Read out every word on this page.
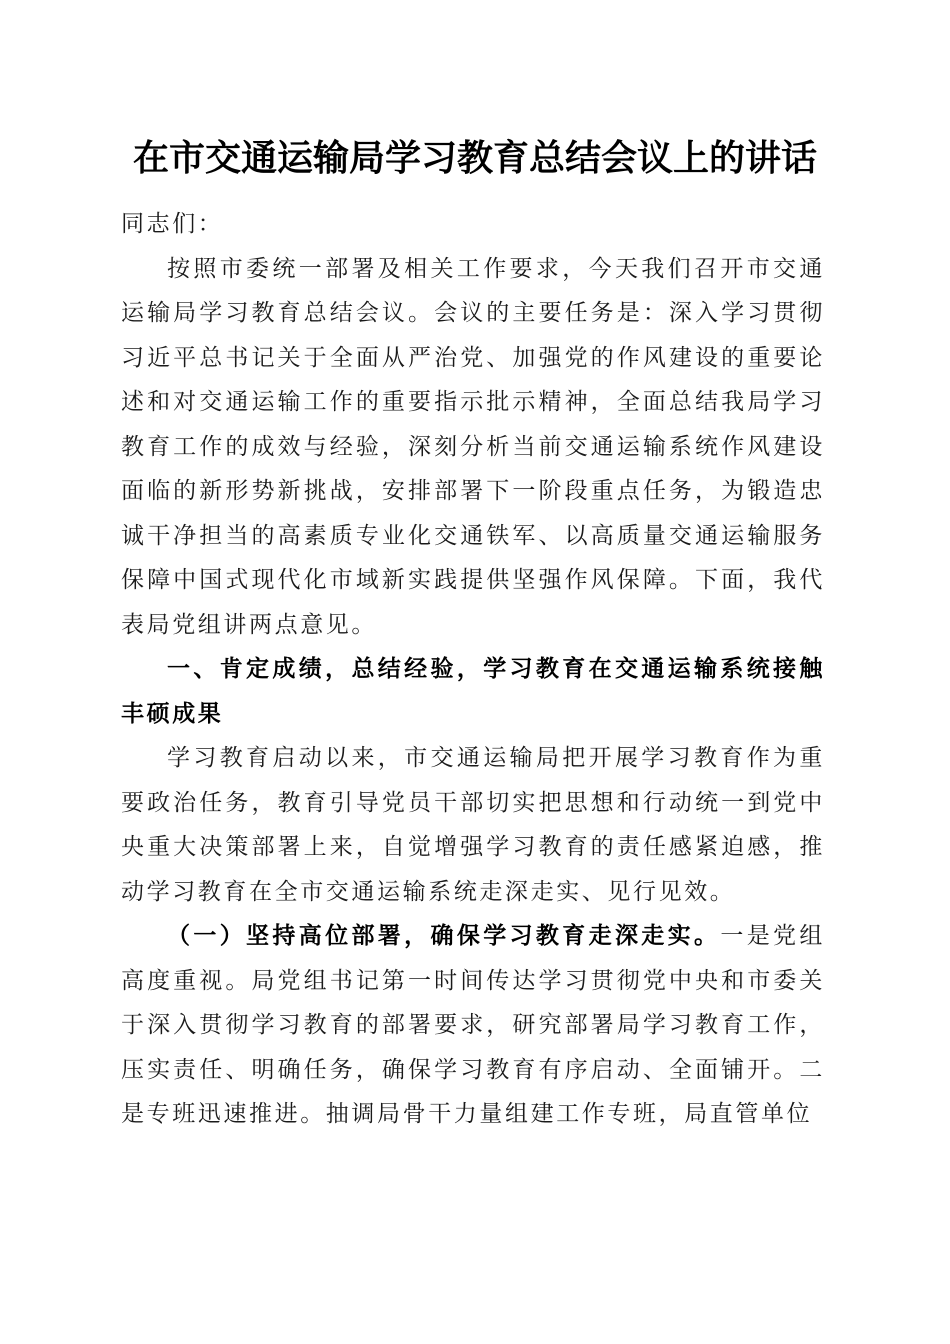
在市交通运输局学习教育总结会议上的讲话

同志们：

按照市委统一部署及相关工作要求，今天我们召开市交通运输局学习教育总结会议。会议的主要任务是：深入学习贯彻习近平总书记关于全面从严治党、加强党的作风建设的重要论述和对交通运输工作的重要指示批示精神，全面总结我局学习教育工作的成效与经验，深刻分析当前交通运输系统作风建设面临的新形势新挑战，安排部署下一阶段重点任务，为锻造忠诚干净担当的高素质专业化交通铁军、以高质量交通运输服务保障中国式现代化市域新实践提供坚强作风保障。下面，我代表局党组讲两点意见。

一、肯定成绩，总结经验，学习教育在交通运输系统接触丰硕成果

学习教育启动以来，市交通运输局把开展学习教育作为重要政治任务，教育引导党员干部切实把思想和行动统一到党中央重大决策部署上来，自觉增强学习教育的责任感紧迫感，推动学习教育在全市交通运输系统走深走实、见行见效。

（一）坚持高位部署，确保学习教育走深走实。一是党组高度重视。局党组书记第一时间传达学习贯彻党中央和市委关于深入贯彻学习教育的部署要求，研究部署局学习教育工作，压实责任、明确任务，确保学习教育有序启动、全面铺开。二是专班迅速推进。抽调局骨干力量组建工作专班，局直管单位
